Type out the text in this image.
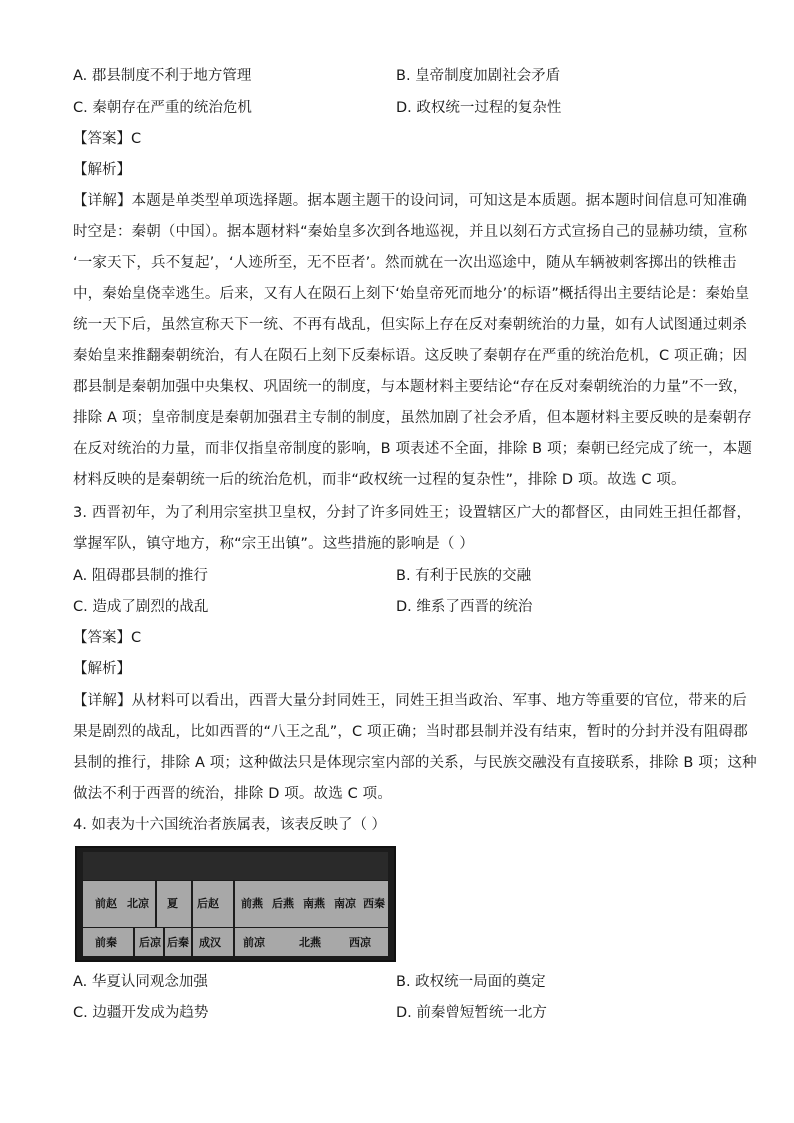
A. 郡县制度不利于地方管理	B. 皇帝制度加剧社会矛盾
C. 秦朝存在严重的统治危机	D. 政权统一过程的复杂性
【答案】C
【解析】
【详解】本题是单类型单项选择题。据本题主题干的设问词，可知这是本质题。据本题时间信息可知准确
时空是：秦朝（中国）。据本题材料“秦始皇多次到各地巡视，并且以刻石方式宣扬自己的显赫功绩，宣称
‘一家天下，兵不复起’，‘人迹所至，无不臣者’。然而就在一次出巡途中，随从车辆被刺客掷出的铁椎击
中，秦始皇侥幸逃生。后来，又有人在陨石上刻下‘始皇帝死而地分’的标语”概括得出主要结论是：秦始皇
统一天下后，虽然宣称天下一统、不再有战乱，但实际上存在反对秦朝统治的力量，如有人试图通过刺杀
秦始皇来推翻秦朝统治，有人在陨石上刻下反秦标语。这反映了秦朝存在严重的统治危机，C 项正确；因
郡县制是秦朝加强中央集权、巩固统一的制度，与本题材料主要结论“存在反对秦朝统治的力量”不一致，
排除 A 项；皇帝制度是秦朝加强君主专制的制度，虽然加剧了社会矛盾，但本题材料主要反映的是秦朝存
在反对统治的力量，而非仅指皇帝制度的影响，B 项表述不全面，排除 B 项；秦朝已经完成了统一，本题
材料反映的是秦朝统一后的统治危机，而非“政权统一过程的复杂性”，排除 D 项。故选 C 项。
3. 西晋初年，为了利用宗室拱卫皇权，分封了许多同姓王；设置辖区广大的都督区，由同姓王担任都督，
掌握军队，镇守地方，称“宗王出镇”。这些措施的影响是（ ）
A. 阻碍郡县制的推行	B. 有利于民族的交融
C. 造成了剧烈的战乱	D. 维系了西晋的统治
【答案】C
【解析】
【详解】从材料可以看出，西晋大量分封同姓王，同姓王担当政治、军事、地方等重要的官位，带来的后
果是剧烈的战乱，比如西晋的“八王之乱”，C 项正确；当时郡县制并没有结束，暂时的分封并没有阻碍郡
县制的推行，排除 A 项；这种做法只是体现宗室内部的关系，与民族交融没有直接联系，排除 B 项；这种
做法不利于西晋的统治，排除 D 项。故选 C 项。
4. 如表为十六国统治者族属表，该表反映了（ ）
前赵 北凉 夏 后赵 前燕 后燕 南燕 南凉 西秦
前秦 后凉 后秦 成汉 前凉	北燕	西凉
A. 华夏认同观念加强	B. 政权统一局面的奠定
C. 边疆开发成为趋势	D. 前秦曾短暂统一北方
